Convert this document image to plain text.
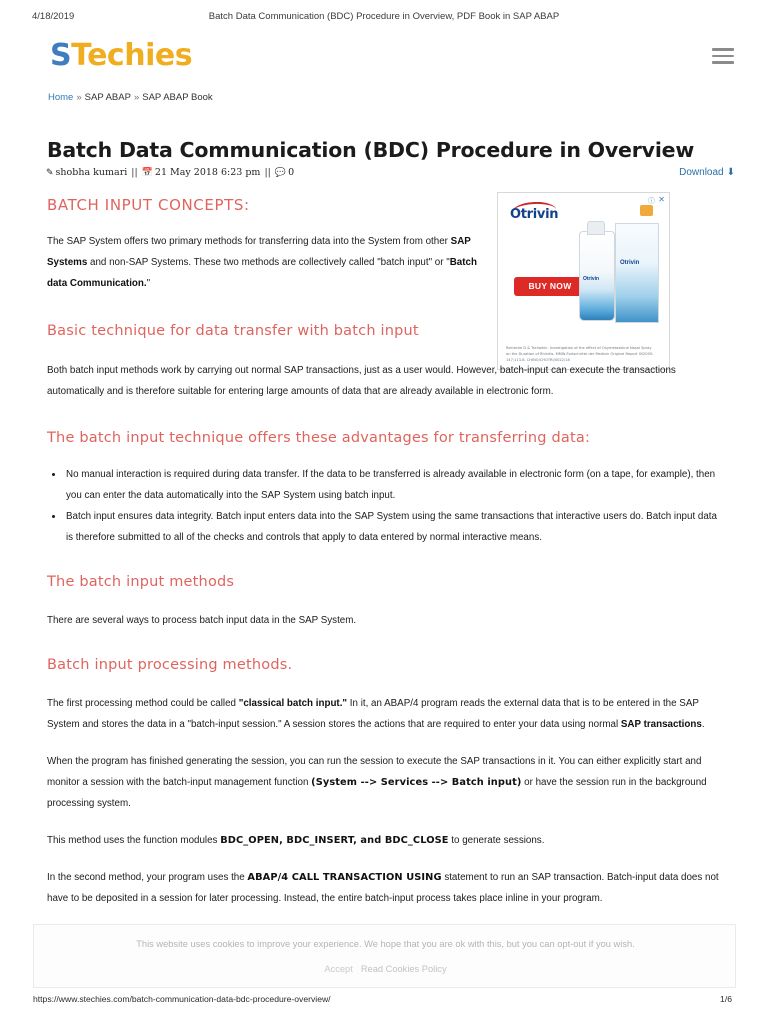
4/18/2019	Batch Data Communication (BDC) Procedure in Overview, PDF Book in SAP ABAP
STechies
Home » SAP ABAP » SAP ABAP Book
Batch Data Communication (BDC) Procedure in Overview
✎ shobha kumari || 📅 21 May 2018 6:23 pm || 💬 0	Download ⬇
Otrivin
ⓘ ✕
BUY NOW
Otrivin
Otrivin
Reinecke D & Tschaikin. Investigation of the effect of Oxymetazoline Nasal Spray on the Duration of Rhinitis. MMW-Fortschritte der Medizin Original Report III/2005: 147;113-8. CHINO/CHOTRI/0022/18
BATCH INPUT CONCEPTS:

The SAP System offers two primary methods for transferring data into the System from other SAP Systems and non-SAP Systems. These two methods are collectively called "batch input" or "Batch data Communication."

Basic technique for data transfer with batch input

Both batch input methods work by carrying out normal SAP transactions, just as a user would. However, batch-input can execute the transactions automatically and is therefore suitable for entering large amounts of data that are already available in electronic form.

The batch input technique offers these advantages for transferring data:
• No manual interaction is required during data transfer. If the data to be transferred is already available in electronic form (on a tape, for example), then you can enter the data automatically into the SAP System using batch input.
• Batch input ensures data integrity. Batch input enters data into the SAP System using the same transactions that interactive users do. Batch input data is therefore submitted to all of the checks and controls that apply to data entered by normal interactive means.
The batch input methods

There are several ways to process batch input data in the SAP System.

Batch input processing methods.

The first processing method could be called "classical batch input." In it, an ABAP/4 program reads the external data that is to be entered in the SAP System and stores the data in a "batch-input session." A session stores the actions that are required to enter your data using normal SAP transactions.

When the program has finished generating the session, you can run the session to execute the SAP transactions in it. You can either explicitly start and monitor a session with the batch-input management function (System --> Services --> Batch input) or have the session run in the background processing system.

This method uses the function modules BDC_OPEN, BDC_INSERT, and BDC_CLOSE to generate sessions.

In the second method, your program uses the ABAP/4 CALL TRANSACTION USING statement to run an SAP transaction. Batch-input data does not have to be deposited in a session for later processing. Instead, the entire batch-input process takes place inline in your program.

This website uses cookies to improve your experience. We hope that you are ok with this, but you can opt-out if you wish.
Accept Read Cookies Policy
https://www.stechies.com/batch-communication-data-bdc-procedure-overview/	1/6
